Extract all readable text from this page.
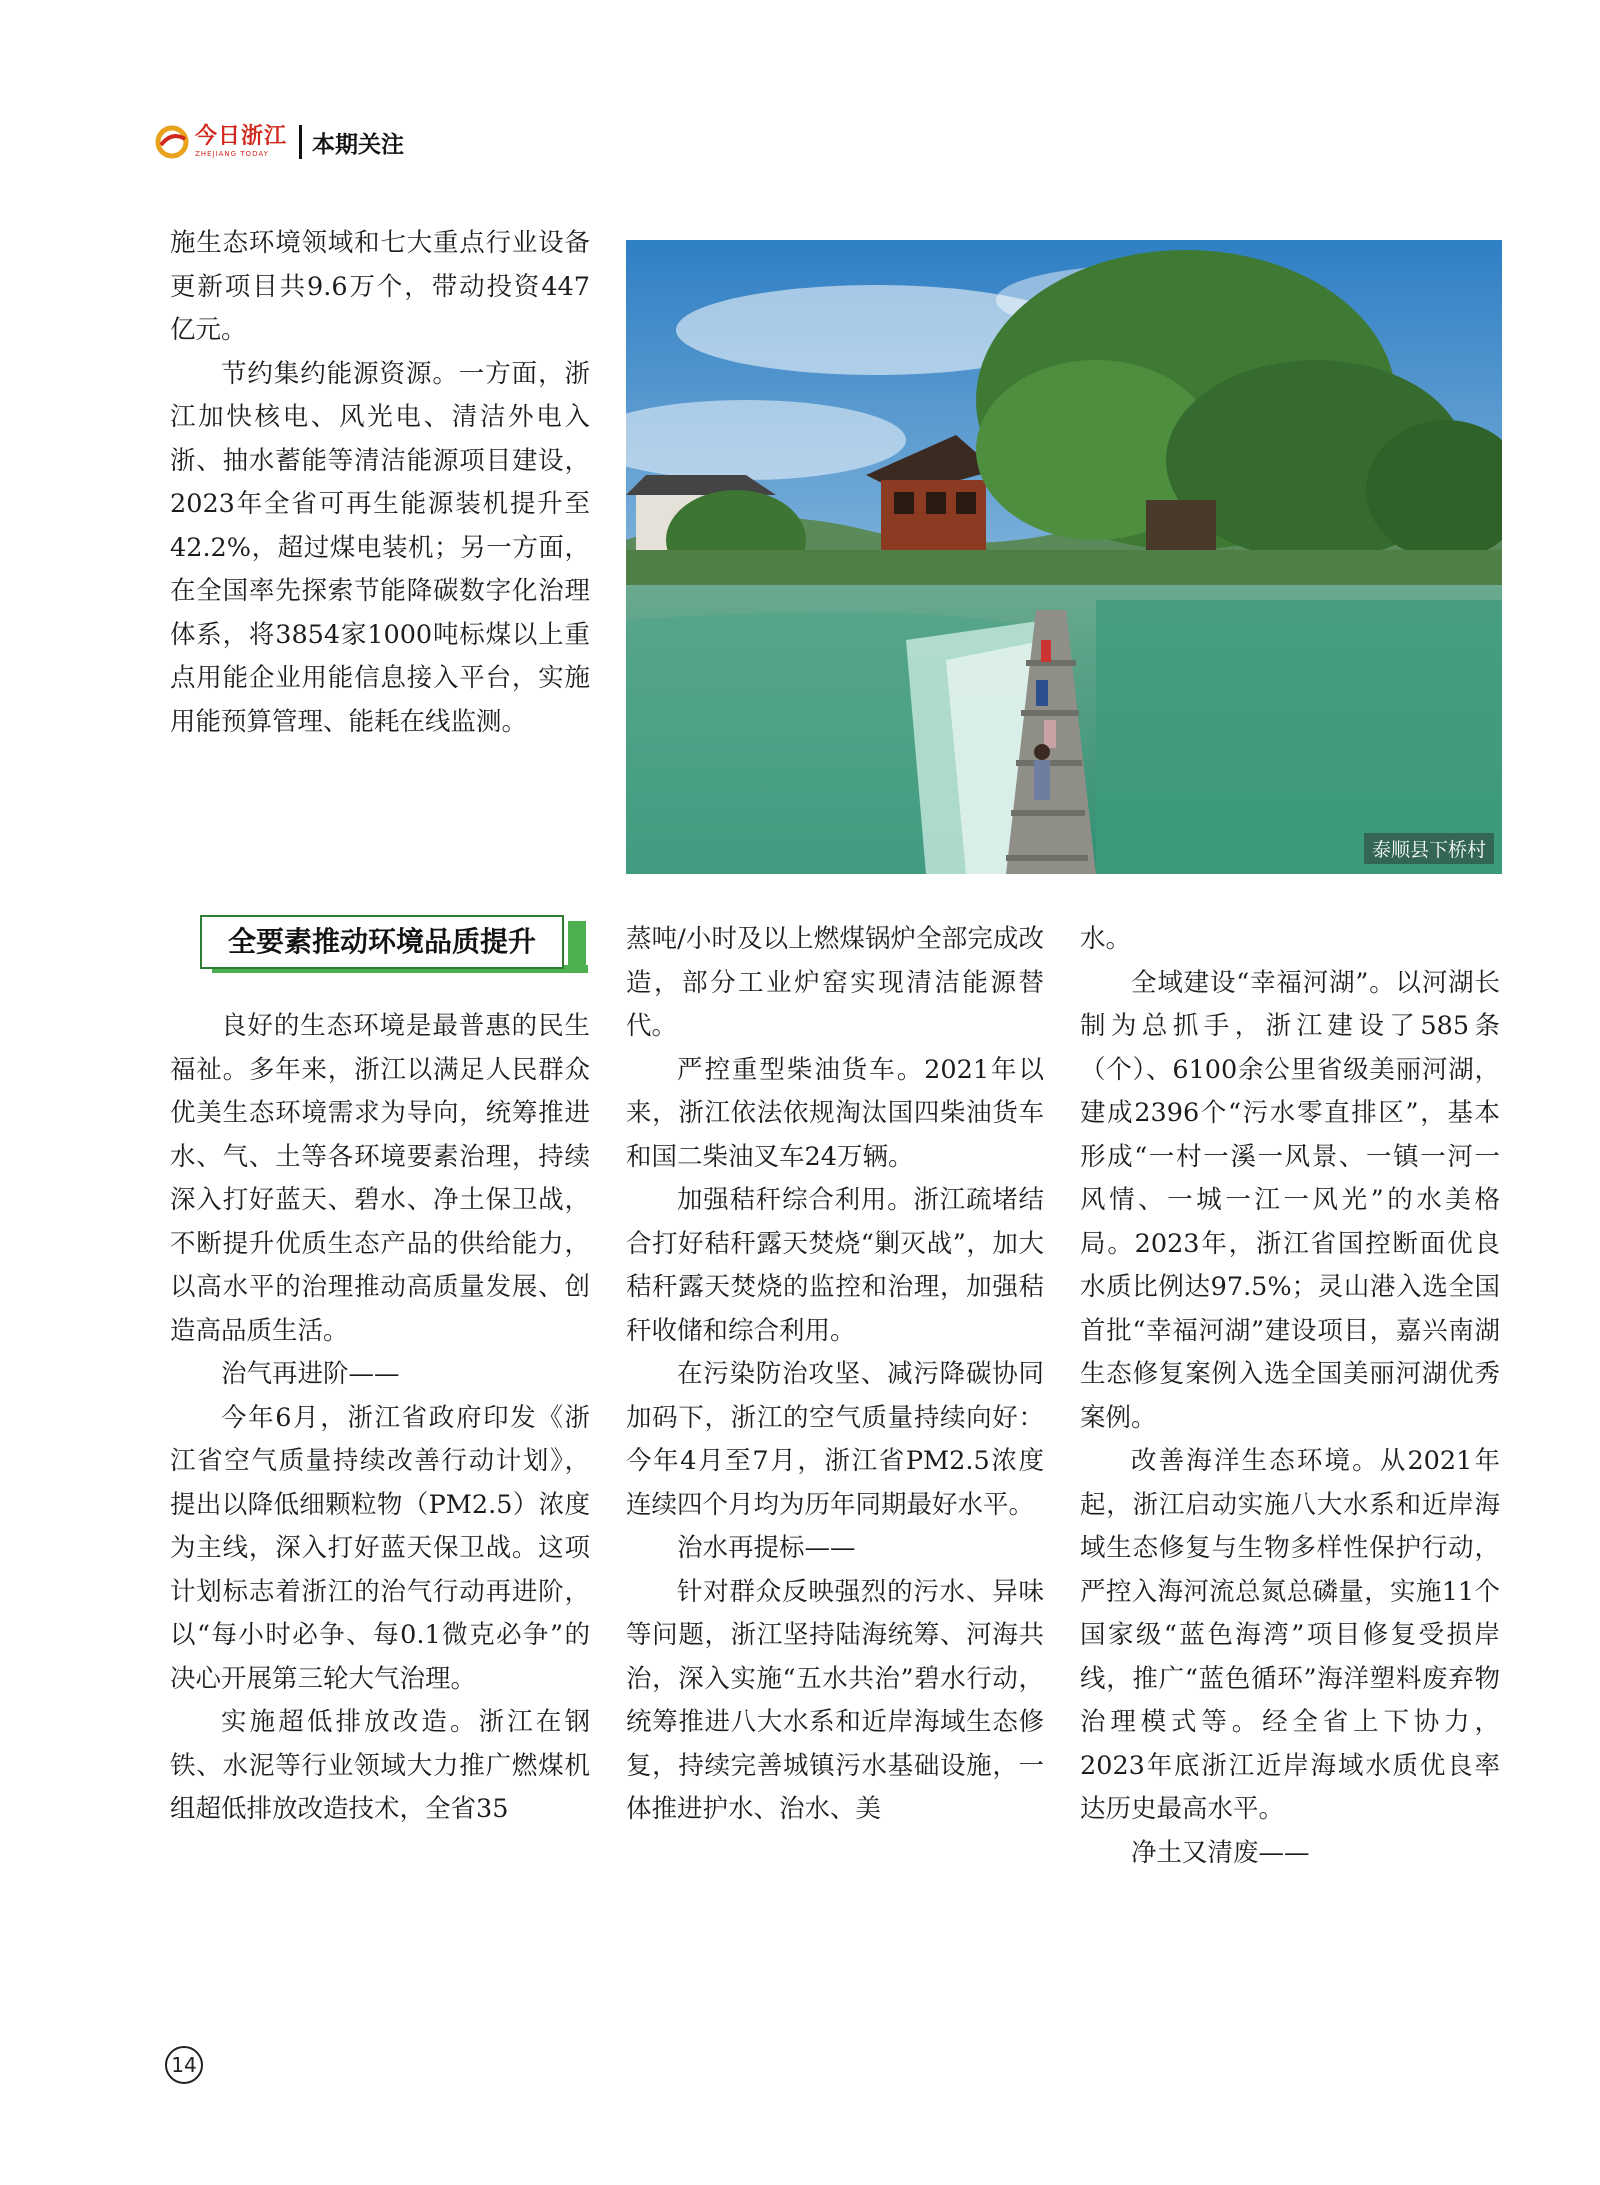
今日浙江
ZHEJIANG TODAY	本期关注

施生态环境领域和七大重点行业设备更新项目共9.6万个，带动投资447亿元。

节约集约能源资源。一方面，浙江加快核电、风光电、清洁外电入浙、抽水蓄能等清洁能源项目建设，2023年全省可再生能源装机提升至42.2%，超过煤电装机；另一方面，在全国率先探索节能降碳数字化治理体系，将3854家1000吨标煤以上重点用能企业用能信息接入平台，实施用能预算管理、能耗在线监测。

泰顺县下桥村
全要素推动环境品质提升

良好的生态环境是最普惠的民生福祉。多年来，浙江以满足人民群众优美生态环境需求为导向，统筹推进水、气、土等各环境要素治理，持续深入打好蓝天、碧水、净土保卫战，不断提升优质生态产品的供给能力，以高水平的治理推动高质量发展、创造高品质生活。

治气再进阶——

今年6月，浙江省政府印发《浙江省空气质量持续改善行动计划》，提出以降低细颗粒物（PM2.5）浓度为主线，深入打好蓝天保卫战。这项计划标志着浙江的治气行动再进阶，以“每小时必争、每0.1微克必争”的决心开展第三轮大气治理。

实施超低排放改造。浙江在钢铁、水泥等行业领域大力推广燃煤机组超低排放改造技术，全省35

蒸吨/小时及以上燃煤锅炉全部完成改造，部分工业炉窑实现清洁能源替代。

严控重型柴油货车。2021年以来，浙江依法依规淘汰国四柴油货车和国二柴油叉车24万辆。

加强秸秆综合利用。浙江疏堵结合打好秸秆露天焚烧“剿灭战”，加大秸秆露天焚烧的监控和治理，加强秸秆收储和综合利用。

在污染防治攻坚、减污降碳协同加码下，浙江的空气质量持续向好：今年4月至7月，浙江省PM2.5浓度连续四个月均为历年同期最好水平。

治水再提标——

针对群众反映强烈的污水、异味等问题，浙江坚持陆海统筹、河海共治，深入实施“五水共治”碧水行动，统筹推进八大水系和近岸海域生态修复，持续完善城镇污水基础设施，一体推进护水、治水、美

水。

全域建设“幸福河湖”。以河湖长制为总抓手，浙江建设了585条（个）、6100余公里省级美丽河湖，建成2396个“污水零直排区”，基本形成“一村一溪一风景、一镇一河一风情、一城一江一风光”的水美格局。2023年，浙江省国控断面优良水质比例达97.5%；灵山港入选全国首批“幸福河湖”建设项目，嘉兴南湖生态修复案例入选全国美丽河湖优秀案例。

改善海洋生态环境。从2021年起，浙江启动实施八大水系和近岸海域生态修复与生物多样性保护行动，严控入海河流总氮总磷量，实施11个国家级“蓝色海湾”项目修复受损岸线，推广“蓝色循环”海洋塑料废弃物治理模式等。经全省上下协力，2023年底浙江近岸海域水质优良率达历史最高水平。

净土又清废——

14
